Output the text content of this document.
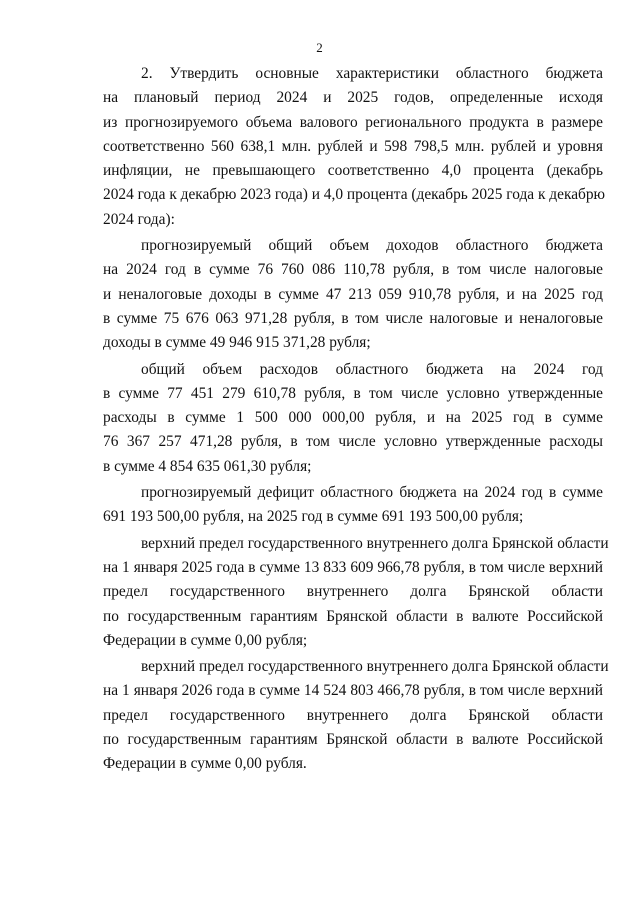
2
2. Утвердить основные характеристики областного бюджета
на плановый период 2024 и 2025 годов, определенные исходя
из прогнозируемого объема валового регионального продукта в размере
соответственно 560 638,1 млн. рублей и 598 798,5 млн. рублей и уровня
инфляции, не превышающего соответственно 4,0 процента (декабрь
2024 года к декабрю 2023 года) и 4,0 процента (декабрь 2025 года к декабрю
2024 года):
прогнозируемый общий объем доходов областного бюджета
на 2024 год в сумме 76 760 086 110,78 рубля, в том числе налоговые
и неналоговые доходы в сумме 47 213 059 910,78 рубля, и на 2025 год
в сумме 75 676 063 971,28 рубля, в том числе налоговые и неналоговые
доходы в сумме 49 946 915 371,28 рубля;
общий объем расходов областного бюджета на 2024 год
в сумме 77 451 279 610,78 рубля, в том числе условно утвержденные
расходы в сумме 1 500 000 000,00 рубля, и на 2025 год в сумме
76 367 257 471,28 рубля, в том числе условно утвержденные расходы
в сумме 4 854 635 061,30 рубля;
прогнозируемый дефицит областного бюджета на 2024 год в сумме
691 193 500,00 рубля, на 2025 год в сумме 691 193 500,00 рубля;
верхний предел государственного внутреннего долга Брянской области
на 1 января 2025 года в сумме 13 833 609 966,78 рубля, в том числе верхний
предел государственного внутреннего долга Брянской области
по государственным гарантиям Брянской области в валюте Российской
Федерации в сумме 0,00 рубля;
верхний предел государственного внутреннего долга Брянской области
на 1 января 2026 года в сумме 14 524 803 466,78 рубля, в том числе верхний
предел государственного внутреннего долга Брянской области
по государственным гарантиям Брянской области в валюте Российской
Федерации в сумме 0,00 рубля.
